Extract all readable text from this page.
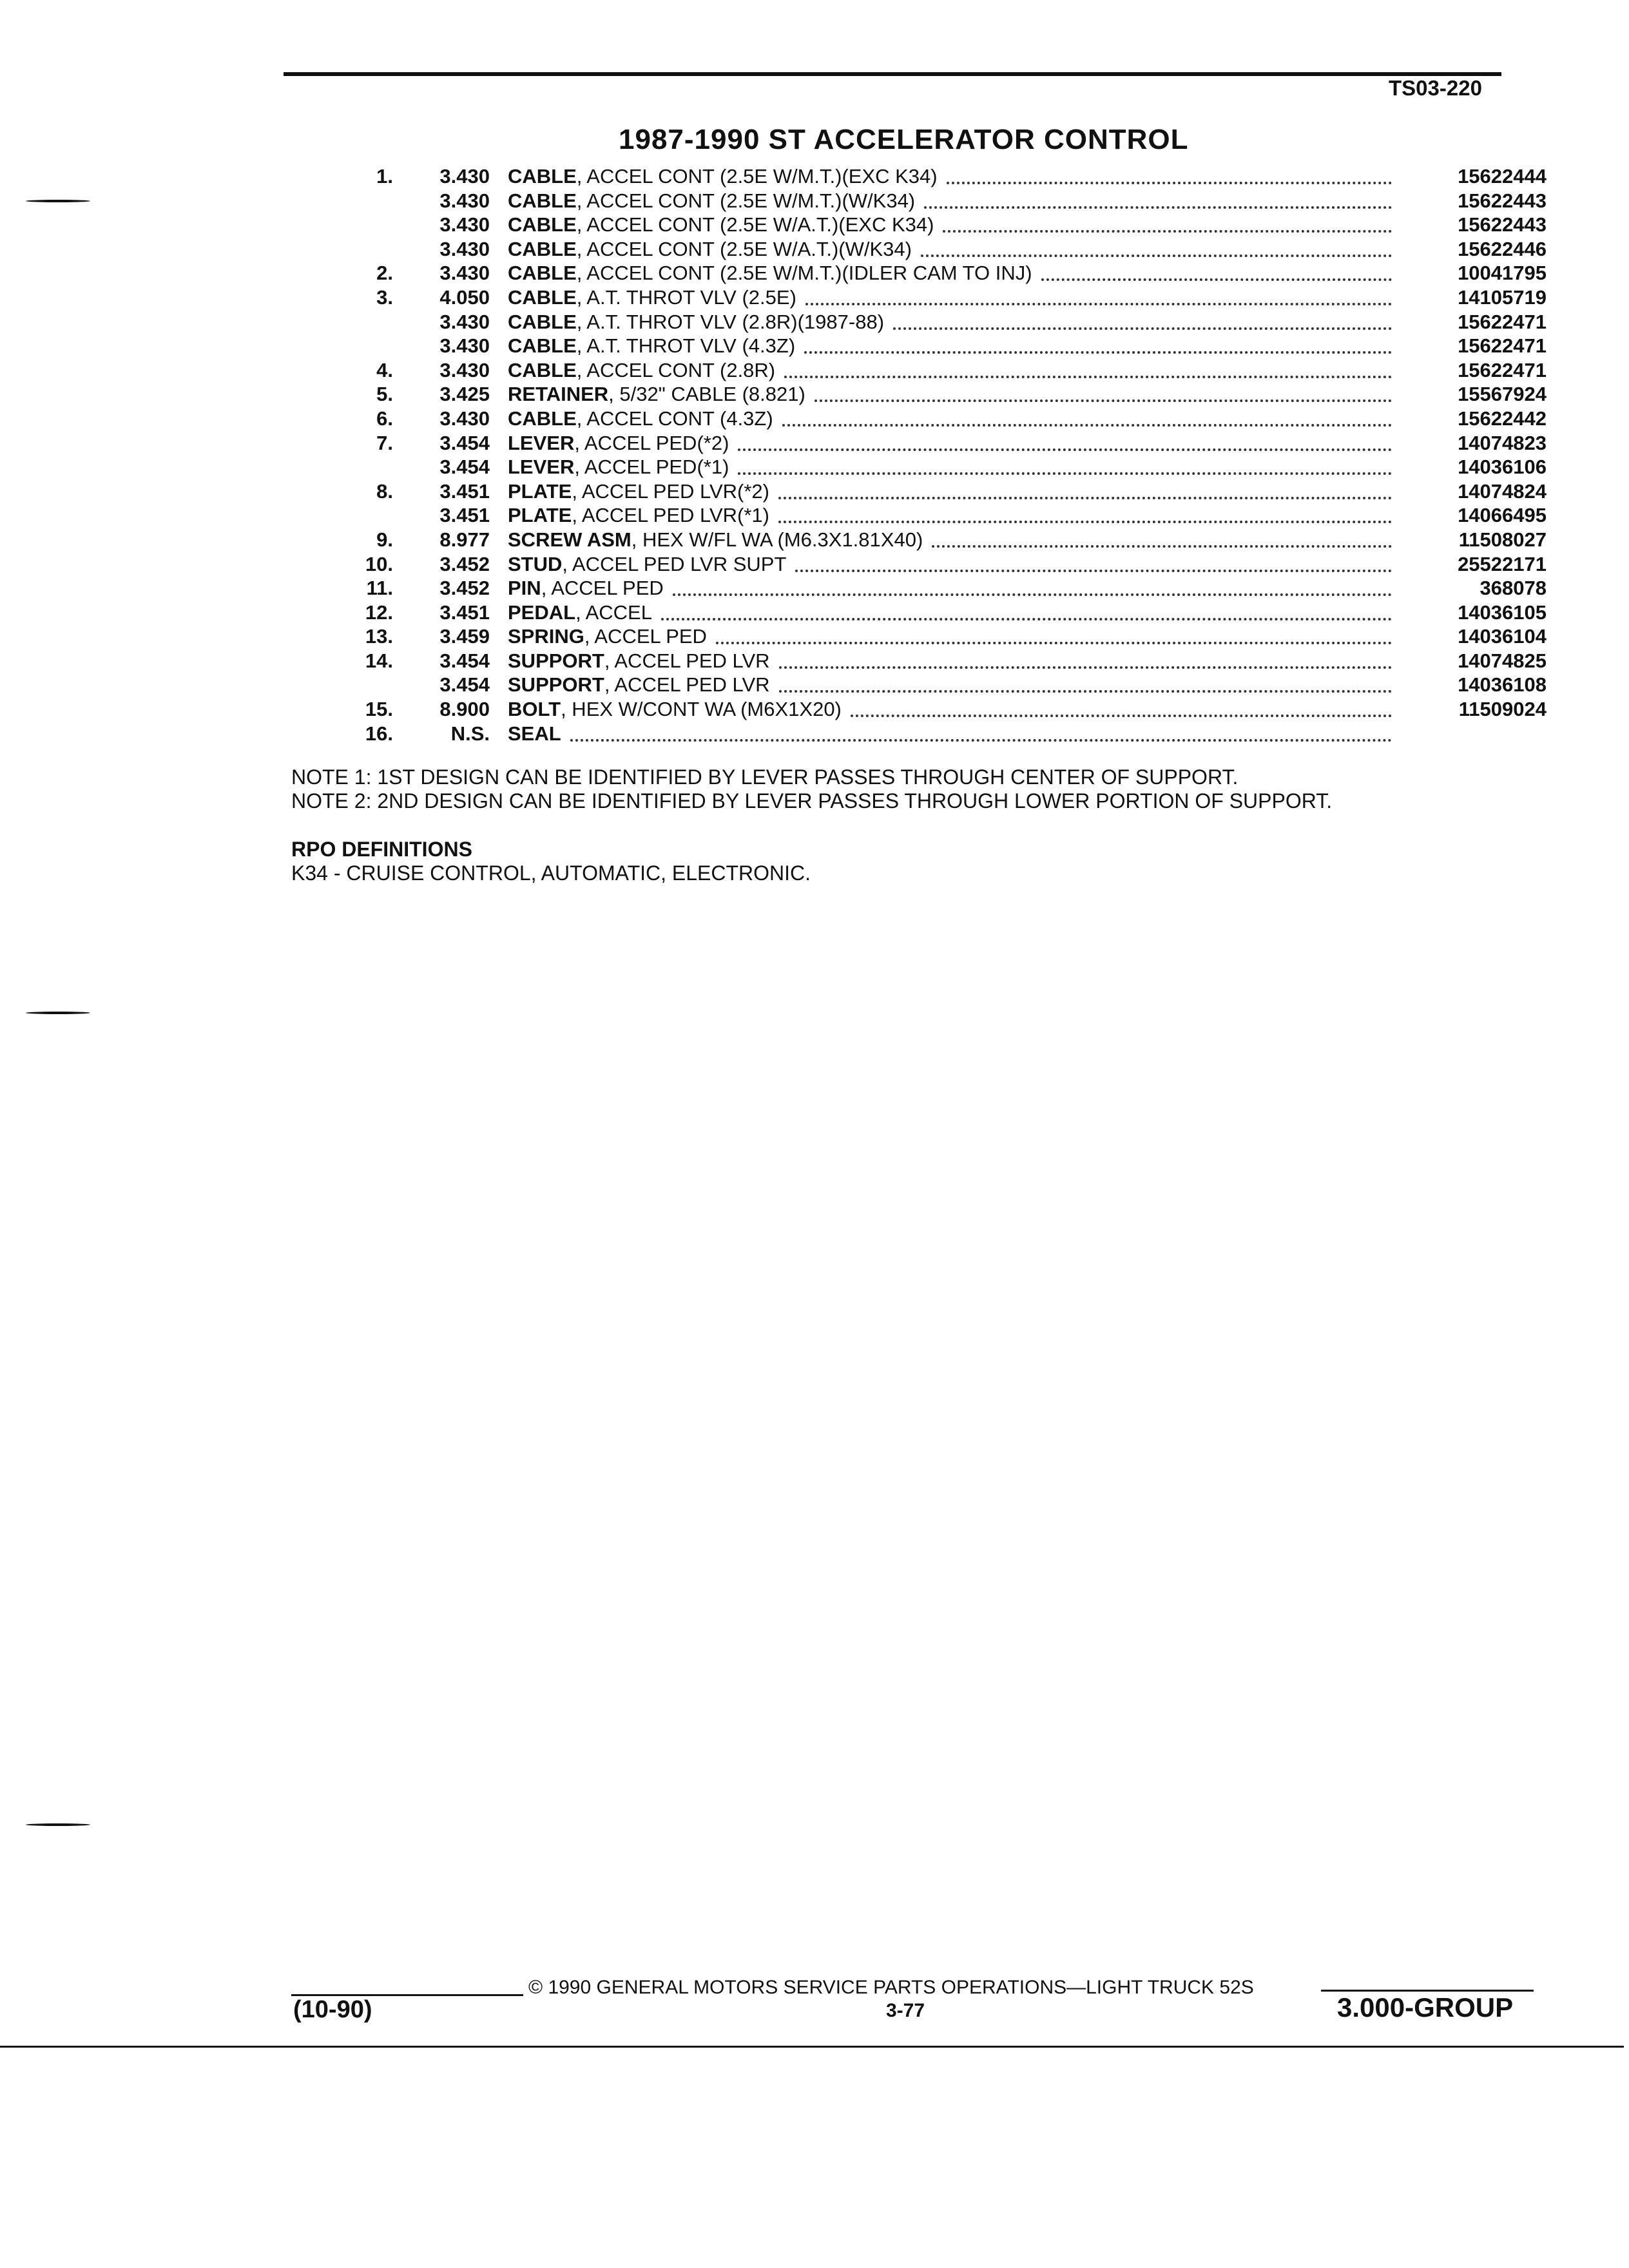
TS03-220
1987-1990 ST ACCELERATOR CONTROL
1.	3.430 CABLE, ACCEL CONT (2.5E W/M.T.)(EXC K34)	15622444
3.430 CABLE, ACCEL CONT (2.5E W/M.T.)(W/K34)	15622443
3.430 CABLE, ACCEL CONT (2.5E W/A.T.)(EXC K34)	15622443
3.430 CABLE, ACCEL CONT (2.5E W/A.T.)(W/K34)	15622446
2.	3.430 CABLE, ACCEL CONT (2.5E W/M.T.)(IDLER CAM TO INJ)	10041795
3.	4.050 CABLE, A.T. THROT VLV (2.5E)	14105719
3.430 CABLE, A.T. THROT VLV (2.8R)(1987-88)	15622471
3.430 CABLE, A.T. THROT VLV (4.3Z)	15622471
4.	3.430 CABLE, ACCEL CONT (2.8R)	15622471
5.	3.425 RETAINER, 5/32" CABLE (8.821)	15567924
6.	3.430 CABLE, ACCEL CONT (4.3Z)	15622442
7.	3.454 LEVER, ACCEL PED(*2)	14074823
3.454 LEVER, ACCEL PED(*1)	14036106
8.	3.451 PLATE, ACCEL PED LVR(*2)	14074824
3.451 PLATE, ACCEL PED LVR(*1)	14066495
9.	8.977 SCREW ASM, HEX W/FL WA (M6.3X1.81X40)	11508027
10.	3.452 STUD, ACCEL PED LVR SUPT	25522171
11.	3.452 PIN, ACCEL PED	368078
12.	3.451 PEDAL, ACCEL	14036105
13.	3.459 SPRING, ACCEL PED	14036104
14.	3.454 SUPPORT, ACCEL PED LVR	14074825
3.454 SUPPORT, ACCEL PED LVR	14036108
15.	8.900 BOLT, HEX W/CONT WA (M6X1X20)	11509024
16.	N.S. SEAL
NOTE 1: 1ST DESIGN CAN BE IDENTIFIED BY LEVER PASSES THROUGH CENTER OF SUPPORT.
NOTE 2: 2ND DESIGN CAN BE IDENTIFIED BY LEVER PASSES THROUGH LOWER PORTION OF SUPPORT.
RPO DEFINITIONS
K34 - CRUISE CONTROL, AUTOMATIC, ELECTRONIC.
(10-90)
© 1990 GENERAL MOTORS SERVICE PARTS OPERATIONS—LIGHT TRUCK 52S
3-77	3.000-GROUP
